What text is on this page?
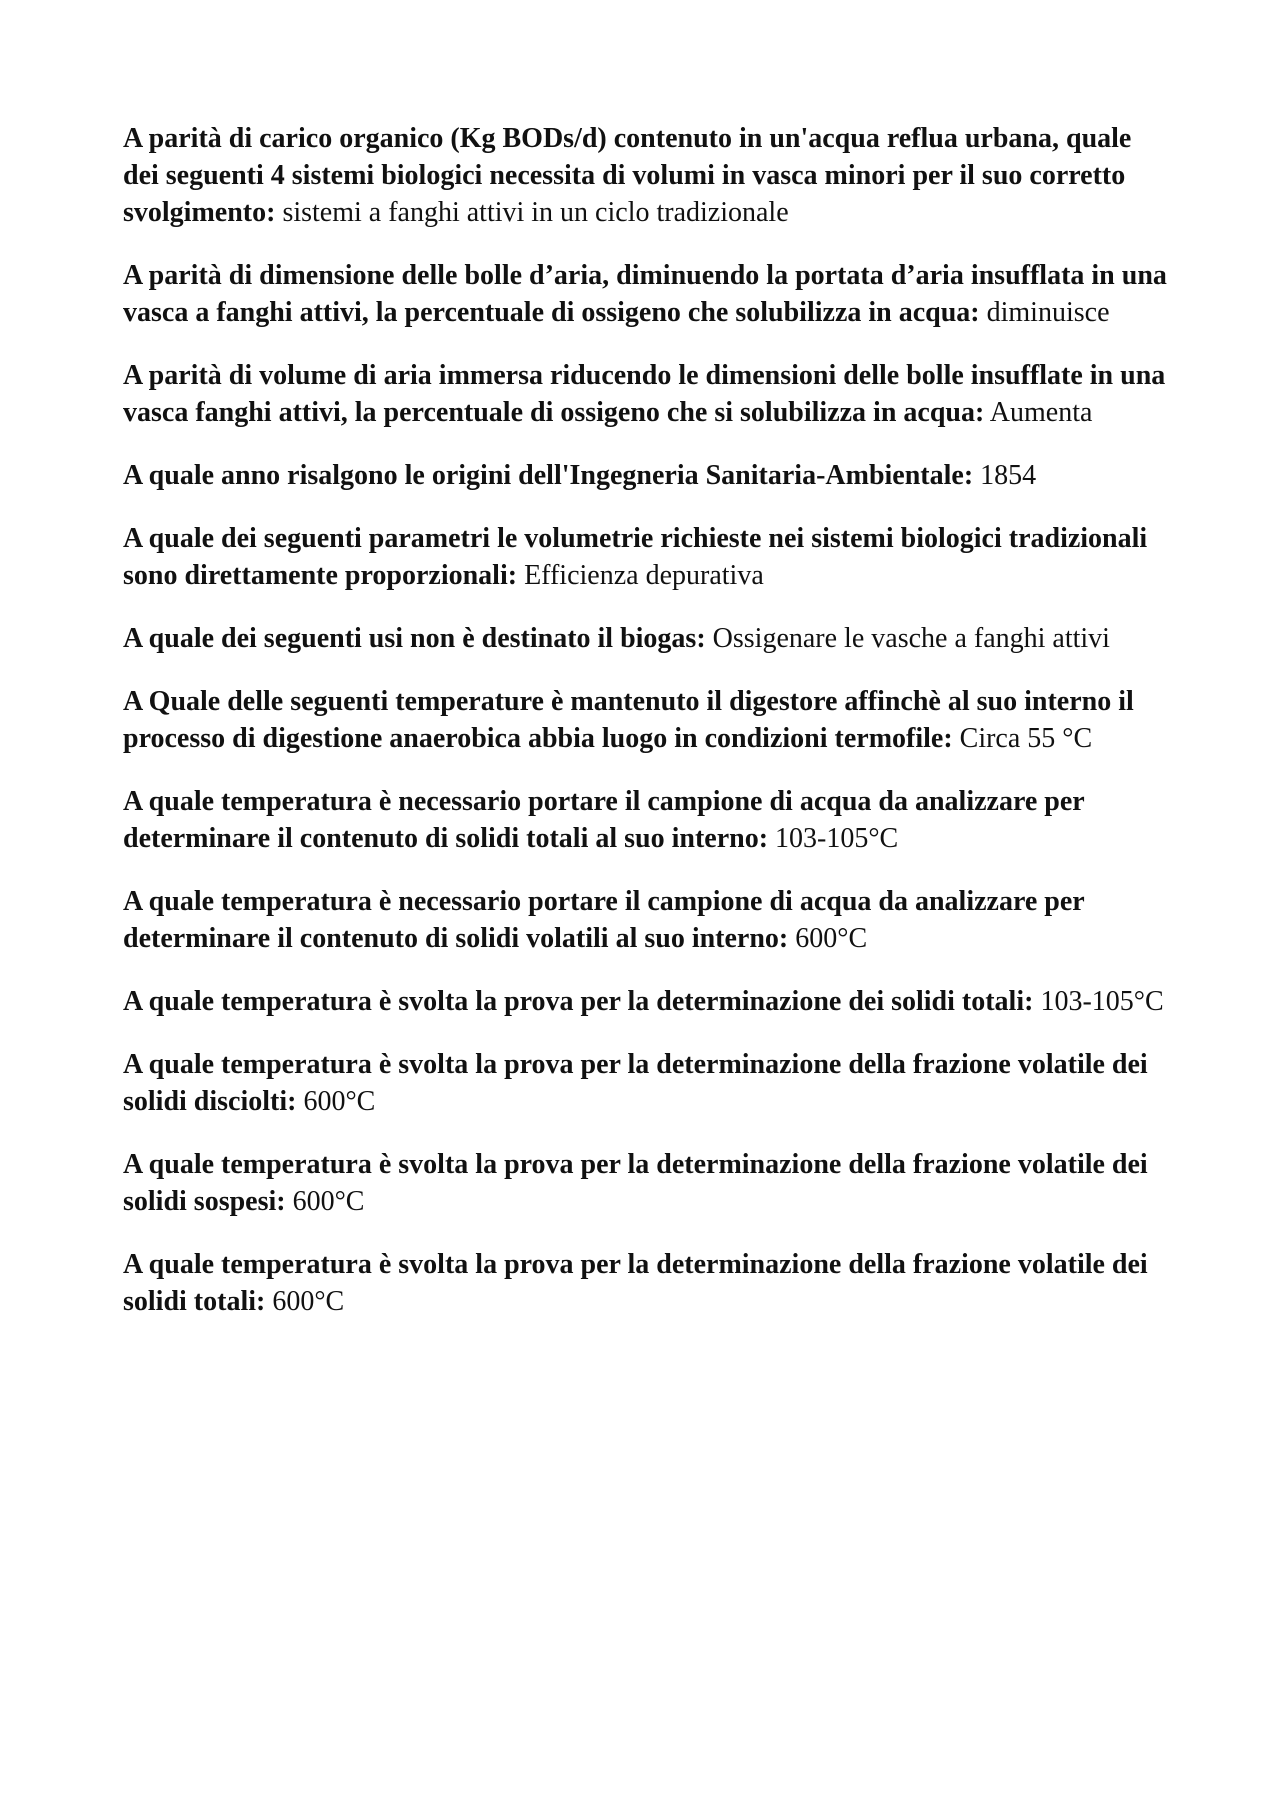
A parità di carico organico (Kg BODs/d) contenuto in un'acqua reflua urbana, quale dei seguenti 4 sistemi biologici necessita di volumi in vasca minori per il suo corretto svolgimento: sistemi a fanghi attivi in un ciclo tradizionale

A parità di dimensione delle bolle d’aria, diminuendo la portata d’aria insufflata in una vasca a fanghi attivi, la percentuale di ossigeno che solubilizza in acqua: diminuisce

A parità di volume di aria immersa riducendo le dimensioni delle bolle insufflate in una vasca fanghi attivi, la percentuale di ossigeno che si solubilizza in acqua: Aumenta

A quale anno risalgono le origini dell'Ingegneria Sanitaria-Ambientale: 1854

A quale dei seguenti parametri le volumetrie richieste nei sistemi biologici tradizionali sono direttamente proporzionali: Efficienza depurativa

A quale dei seguenti usi non è destinato il biogas: Ossigenare le vasche a fanghi attivi

A Quale delle seguenti temperature è mantenuto il digestore affinchè al suo interno il processo di digestione anaerobica abbia luogo in condizioni termofile: Circa 55 °C

A quale temperatura è necessario portare il campione di acqua da analizzare per determinare il contenuto di solidi totali al suo interno: 103-105°C

A quale temperatura è necessario portare il campione di acqua da analizzare per determinare il contenuto di solidi volatili al suo interno: 600°C

A quale temperatura è svolta la prova per la determinazione dei solidi totali: 103-105°C

A quale temperatura è svolta la prova per la determinazione della frazione volatile dei solidi disciolti: 600°C

A quale temperatura è svolta la prova per la determinazione della frazione volatile dei solidi sospesi: 600°C

A quale temperatura è svolta la prova per la determinazione della frazione volatile dei solidi totali: 600°C
